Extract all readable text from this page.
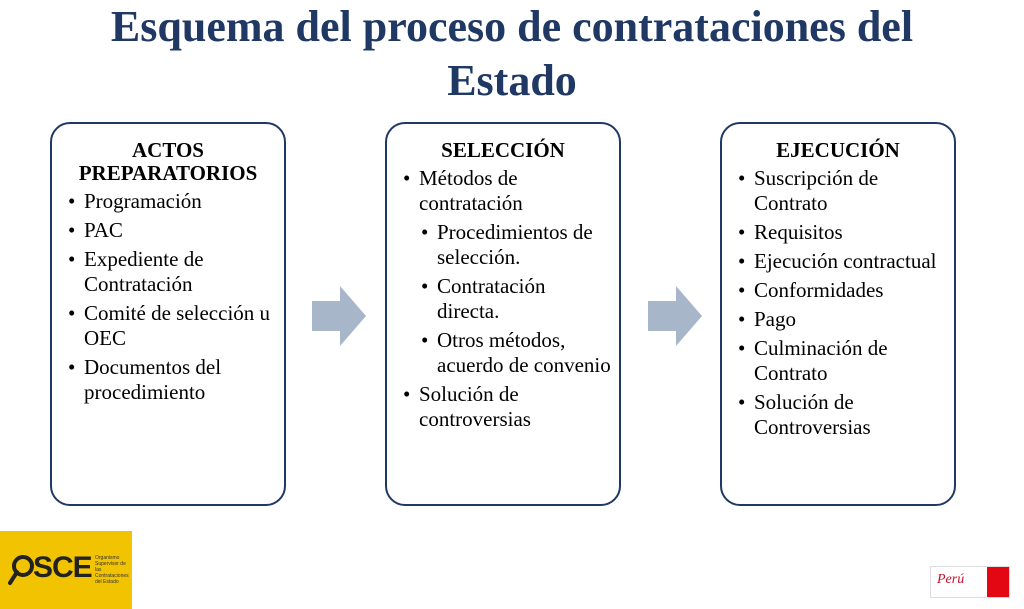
Esquema del proceso de contrataciones del
Estado
ACTOS
PREPARATORIOS
• Programación
• PAC
• Expediente de Contratación
• Comité de selección u OEC
• Documentos del procedimiento
SELECCIÓN
• Métodos de contratación
• Procedimientos de selección.
• Contratación directa.
• Otros métodos, acuerdo de convenio
• Solución de controversias
EJECUCIÓN
• Suscripción de Contrato
• Requisitos
• Ejecución contractual
• Conformidades
• Pago
• Culminación de Contrato
• Solución de Controversias
SCE Organismo Supervisor de las Contrataciones del Estado	Perú
